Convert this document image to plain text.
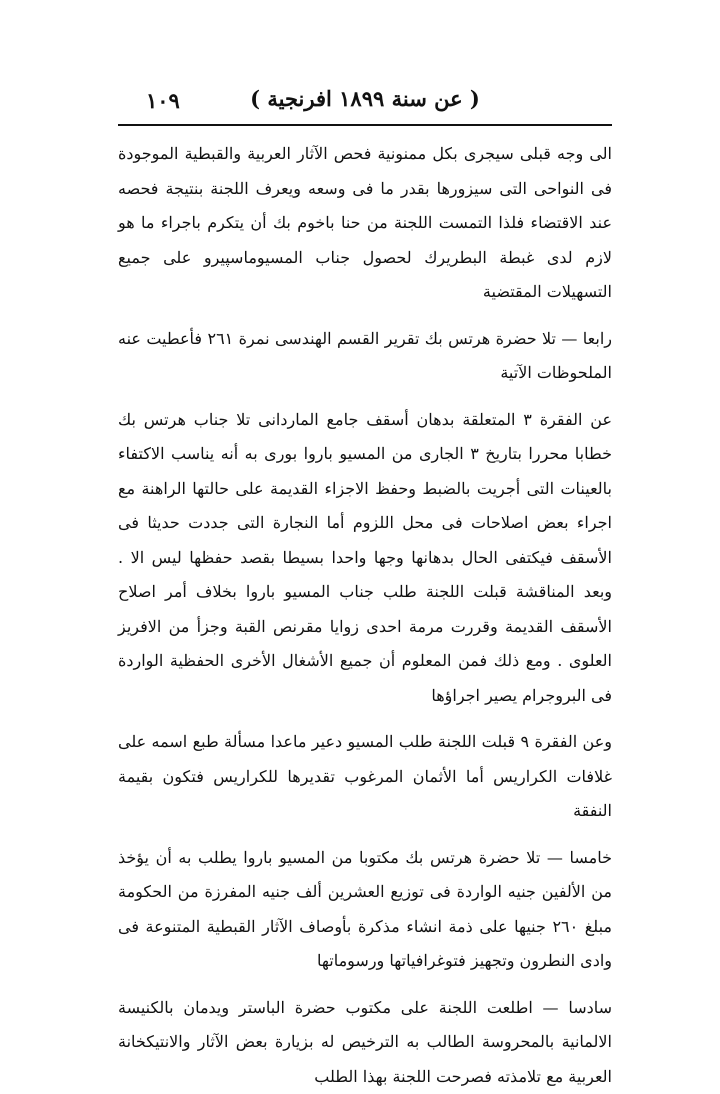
( عن سنة ١٨٩٩ افرنجية )
١٠٩

الى وجه قبلى سيجرى بكل ممنونية فحص الآثار العربية والقبطية الموجودة فى النواحى التى سيزورها بقدر ما فى وسعه ويعرف اللجنة بنتيجة فحصه عند الاقتضاء فلذا التمست اللجنة من حنا باخوم بك أن يتكرم باجراء ما هو لازم لدى غبطة البطريرك لحصول جناب المسيوماسپيرو على جميع التسهيلات المقتضية

رابعا — تلا حضرة هرتس بك تقرير القسم الهندسى نمرة ٢٦١ فأعطيت عنه الملحوظات الآتية

عن الفقرة ٣ المتعلقة بدهان أسقف جامع الماردانى تلا جناب هرتس بك خطابا محررا بتاريخ ٣ الجارى من المسيو باروا بورى به أنه يناسب الاكتفاء بالعينات التى أجريت بالضبط وحفظ الاجزاء القديمة على حالتها الراهنة مع اجراء بعض اصلاحات فى محل اللزوم أما النجارة التى جددت حديثا فى الأسقف فيكتفى الحال بدهانها وجها واحدا بسيطا بقصد حفظها ليس الا . وبعد المناقشة قبلت اللجنة طلب جناب المسيو باروا بخلاف أمر اصلاح الأسقف القديمة وقررت مرمة احدى زوايا مقرنص القبة وجزأ من الافريز العلوى . ومع ذلك فمن المعلوم أن جميع الأشغال الأخرى الحفظية الواردة فى البروجرام يصير اجراؤها

وعن الفقرة ٩ قبلت اللجنة طلب المسيو دعير ماعدا مسألة طبع اسمه على غلافات الكراريس أما الأثمان المرغوب تقديرها للكراريس فتكون بقيمة النفقة

خامسا — تلا حضرة هرتس بك مكتوبا من المسيو باروا يطلب به أن يؤخذ من الألفين جنيه الواردة فى توزيع العشرين ألف جنيه المفرزة من الحكومة مبلغ ٢٦٠ جنيها على ذمة انشاء مذكرة بأوصاف الآثار القبطية المتنوعة فى وادى النطرون وتجهيز فتوغرافياتها ورسوماتها

سادسا — اطلعت اللجنة على مكتوب حضرة الباستر ويدمان بالكنيسة الالمانية بالمحروسة الطالب به الترخيص له بزيارة بعض الآثار والانتيكخانة العربية مع تلامذته فصرحت اللجنة بهذا الطلب
